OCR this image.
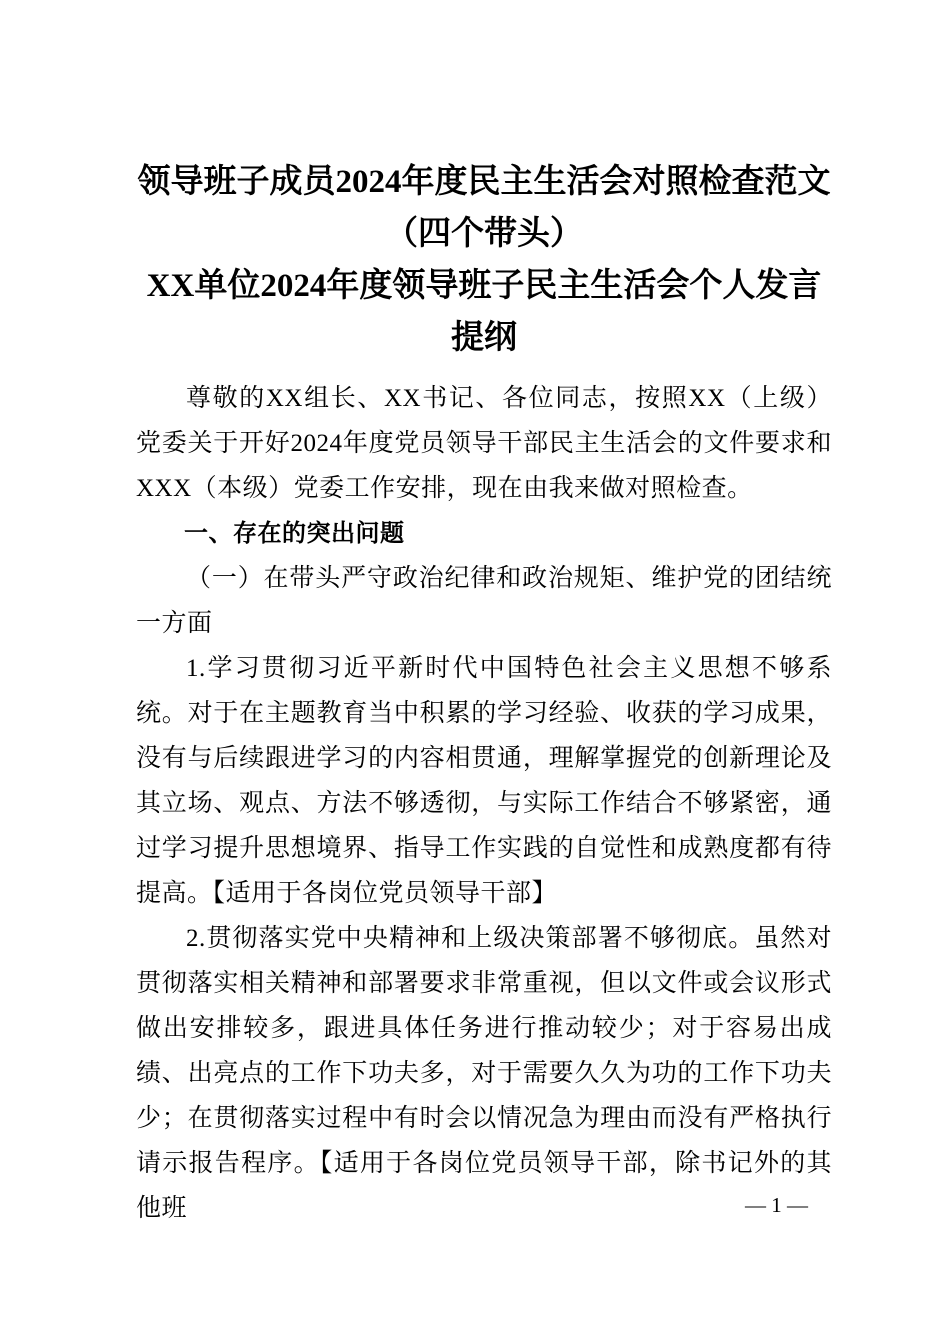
领导班子成员2024年度民主生活会对照检查范文（四个带头）
XX单位2024年度领导班子民主生活会个人发言提纲

尊敬的XX组长、XX书记、各位同志，按照XX（上级）党委关于开好2024年度党员领导干部民主生活会的文件要求和XXX（本级）党委工作安排，现在由我来做对照检查。

一、存在的突出问题

（一）在带头严守政治纪律和政治规矩、维护党的团结统一方面

1.学习贯彻习近平新时代中国特色社会主义思想不够系统。对于在主题教育当中积累的学习经验、收获的学习成果，没有与后续跟进学习的内容相贯通，理解掌握党的创新理论及其立场、观点、方法不够透彻，与实际工作结合不够紧密，通过学习提升思想境界、指导工作实践的自觉性和成熟度都有待提高。【适用于各岗位党员领导干部】

2.贯彻落实党中央精神和上级决策部署不够彻底。虽然对贯彻落实相关精神和部署要求非常重视，但以文件或会议形式做出安排较多，跟进具体任务进行推动较少；对于容易出成绩、出亮点的工作下功夫多，对于需要久久为功的工作下功夫少；在贯彻落实过程中有时会以情况急为理由而没有严格执行请示报告程序。【适用于各岗位党员领导干部，除书记外的其他班	— 1 —
